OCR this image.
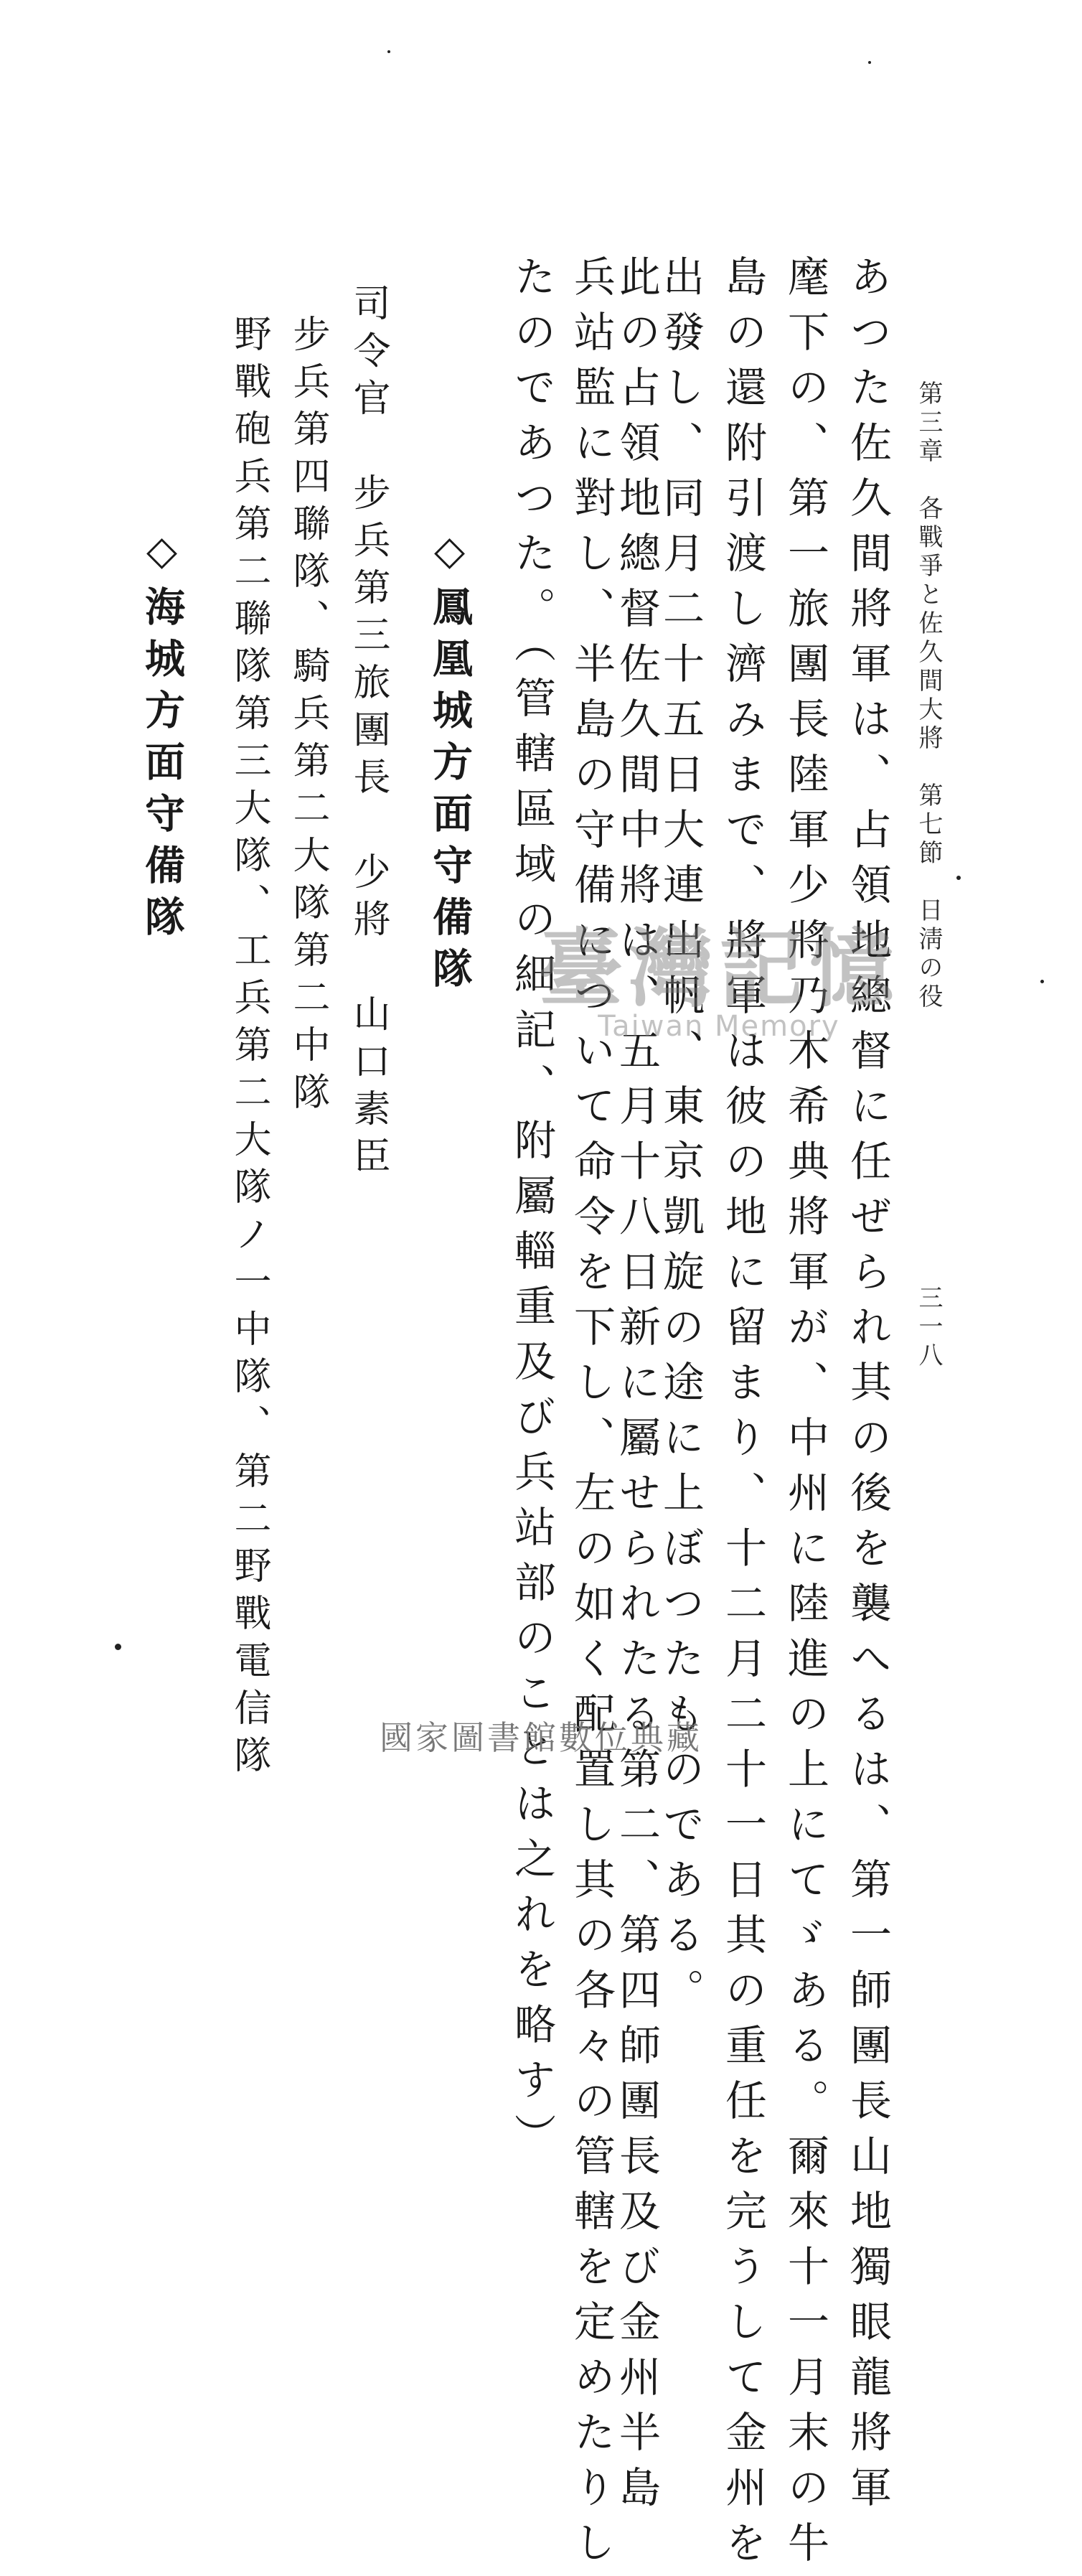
第三章　各戰爭と佐久間大將　第七節　日淸の役
三一八
あつた佐久間將軍は、占領地總督に任ぜられ其の後を襲へるは、第一師團長山地獨眼龍將軍
麾下の、第一旅團長陸軍少將乃木希典將軍が、中州に陸進の上にてゞある。爾來十一月末の牛
島の還附引渡し濟みまで、將軍は彼の地に留まり、十二月二十一日其の重任を完うして金州を
出發し、同月二十五日大連出帆、東京凱旋の途に上ぼつたものである。
此の占領地總督佐久間中將は、五月十八日新に屬せられたる第二、第四師團長及び金州半島
兵站監に對し、半島の守備について命令を下し、左の如く配置し其の各々の管轄を定めたりし
たのであつた。（管轄區域の細記、附屬輜重及び兵站部のことは之れを略す）
◇鳳凰城方面守備隊
司令官　步兵第三旅團長　少將　山口素臣
步兵第四聯隊、騎兵第二大隊第二中隊
野戰砲兵第二聯隊第三大隊、工兵第二大隊ノ一中隊、第二野戰電信隊
◇海城方面守備隊
臺灣記憶
Taiwan Memory
國家圖書館數位典藏
